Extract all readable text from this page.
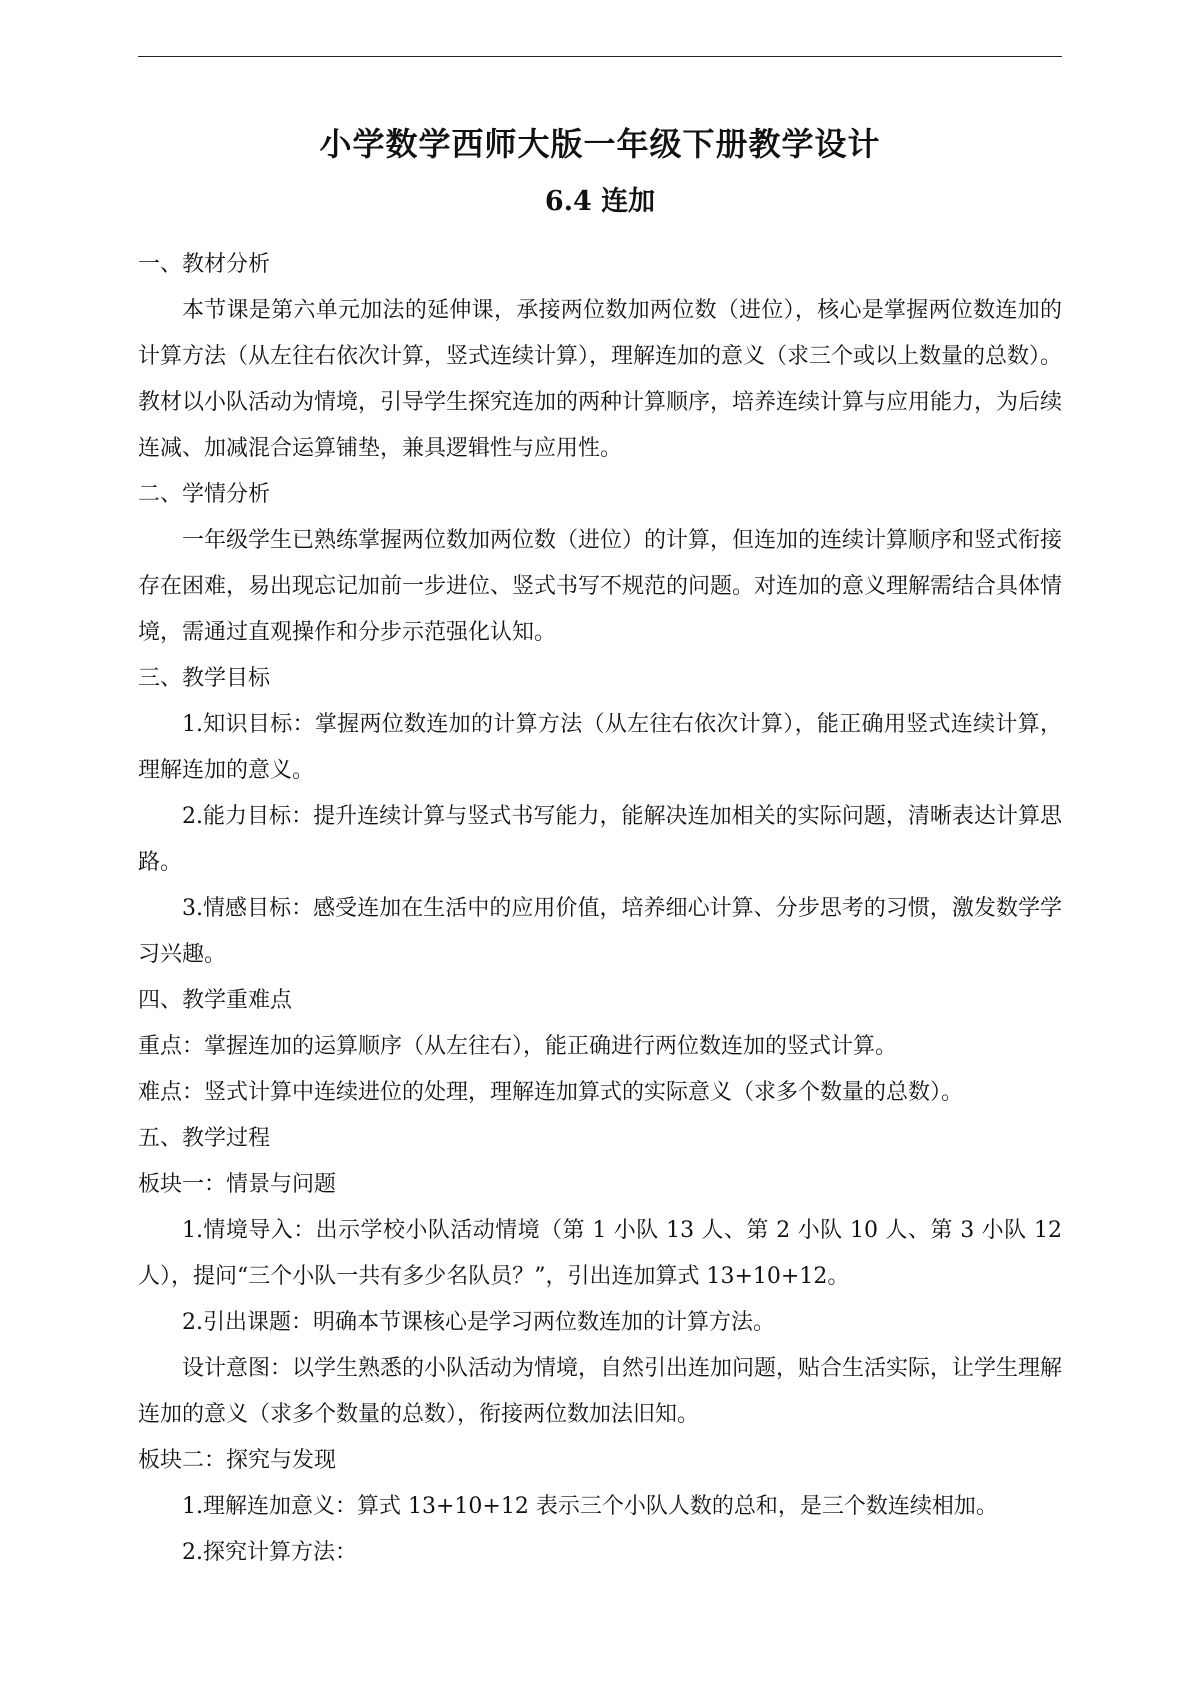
小学数学西师大版一年级下册教学设计
6.4 连加

一、教材分析

本节课是第六单元加法的延伸课，承接两位数加两位数（进位），核心是掌握两位数连加的计算方法（从左往右依次计算，竖式连续计算），理解连加的意义（求三个或以上数量的总数）。教材以小队活动为情境，引导学生探究连加的两种计算顺序，培养连续计算与应用能力，为后续连减、加减混合运算铺垫，兼具逻辑性与应用性。

二、学情分析

一年级学生已熟练掌握两位数加两位数（进位）的计算，但连加的连续计算顺序和竖式衔接存在困难，易出现忘记加前一步进位、竖式书写不规范的问题。对连加的意义理解需结合具体情境，需通过直观操作和分步示范强化认知。

三、教学目标

1.知识目标：掌握两位数连加的计算方法（从左往右依次计算），能正确用竖式连续计算，理解连加的意义。

2.能力目标：提升连续计算与竖式书写能力，能解决连加相关的实际问题，清晰表达计算思路。

3.情感目标：感受连加在生活中的应用价值，培养细心计算、分步思考的习惯，激发数学学习兴趣。

四、教学重难点

重点：掌握连加的运算顺序（从左往右），能正确进行两位数连加的竖式计算。

难点：竖式计算中连续进位的处理，理解连加算式的实际意义（求多个数量的总数）。

五、教学过程

板块一：情景与问题

1.情境导入：出示学校小队活动情境（第 1 小队 13 人、第 2 小队 10 人、第 3 小队 12 人），提问“三个小队一共有多少名队员？”，引出连加算式 13+10+12。

2.引出课题：明确本节课核心是学习两位数连加的计算方法。

设计意图：以学生熟悉的小队活动为情境，自然引出连加问题，贴合生活实际，让学生理解连加的意义（求多个数量的总数），衔接两位数加法旧知。

板块二：探究与发现

1.理解连加意义：算式 13+10+12 表示三个小队人数的总和，是三个数连续相加。

2.探究计算方法：
